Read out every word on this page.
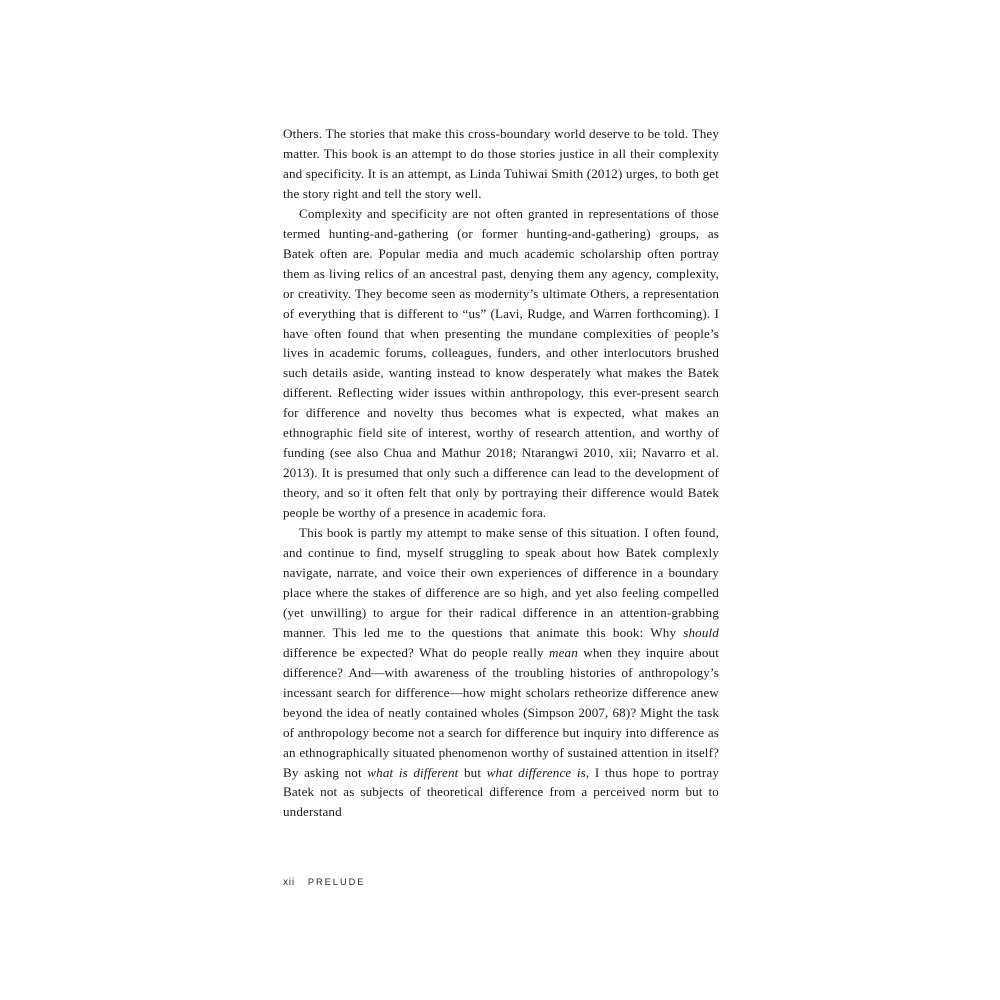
Others. The stories that make this cross-boundary world deserve to be told. They matter. This book is an attempt to do those stories justice in all their complexity and specificity. It is an attempt, as Linda Tuhiwai Smith (2012) urges, to both get the story right and tell the story well.

Complexity and specificity are not often granted in representations of those termed hunting-and-gathering (or former hunting-and-gathering) groups, as Batek often are. Popular media and much academic scholarship often portray them as living relics of an ancestral past, denying them any agency, complexity, or creativity. They become seen as modernity’s ultimate Others, a representation of everything that is different to “us” (Lavi, Rudge, and Warren forthcoming). I have often found that when presenting the mundane complexities of people’s lives in academic forums, colleagues, funders, and other interlocutors brushed such details aside, wanting instead to know desperately what makes the Batek different. Reflecting wider issues within anthropology, this ever-present search for difference and novelty thus becomes what is expected, what makes an ethnographic field site of interest, worthy of research attention, and worthy of funding (see also Chua and Mathur 2018; Ntarangwi 2010, xii; Navarro et al. 2013). It is presumed that only such a difference can lead to the development of theory, and so it often felt that only by portraying their difference would Batek people be worthy of a presence in academic fora.

This book is partly my attempt to make sense of this situation. I often found, and continue to find, myself struggling to speak about how Batek complexly navigate, narrate, and voice their own experiences of difference in a boundary place where the stakes of difference are so high, and yet also feeling compelled (yet unwilling) to argue for their radical difference in an attention-grabbing manner. This led me to the questions that animate this book: Why should difference be expected? What do people really mean when they inquire about difference? And—with awareness of the troubling histories of anthropology’s incessant search for difference—how might scholars retheorize difference anew beyond the idea of neatly contained wholes (Simpson 2007, 68)? Might the task of anthropology become not a search for difference but inquiry into difference as an ethnographically situated phenomenon worthy of sustained attention in itself? By asking not what is different but what difference is, I thus hope to portray Batek not as subjects of theoretical difference from a perceived norm but to understand

xii PRELUDE
